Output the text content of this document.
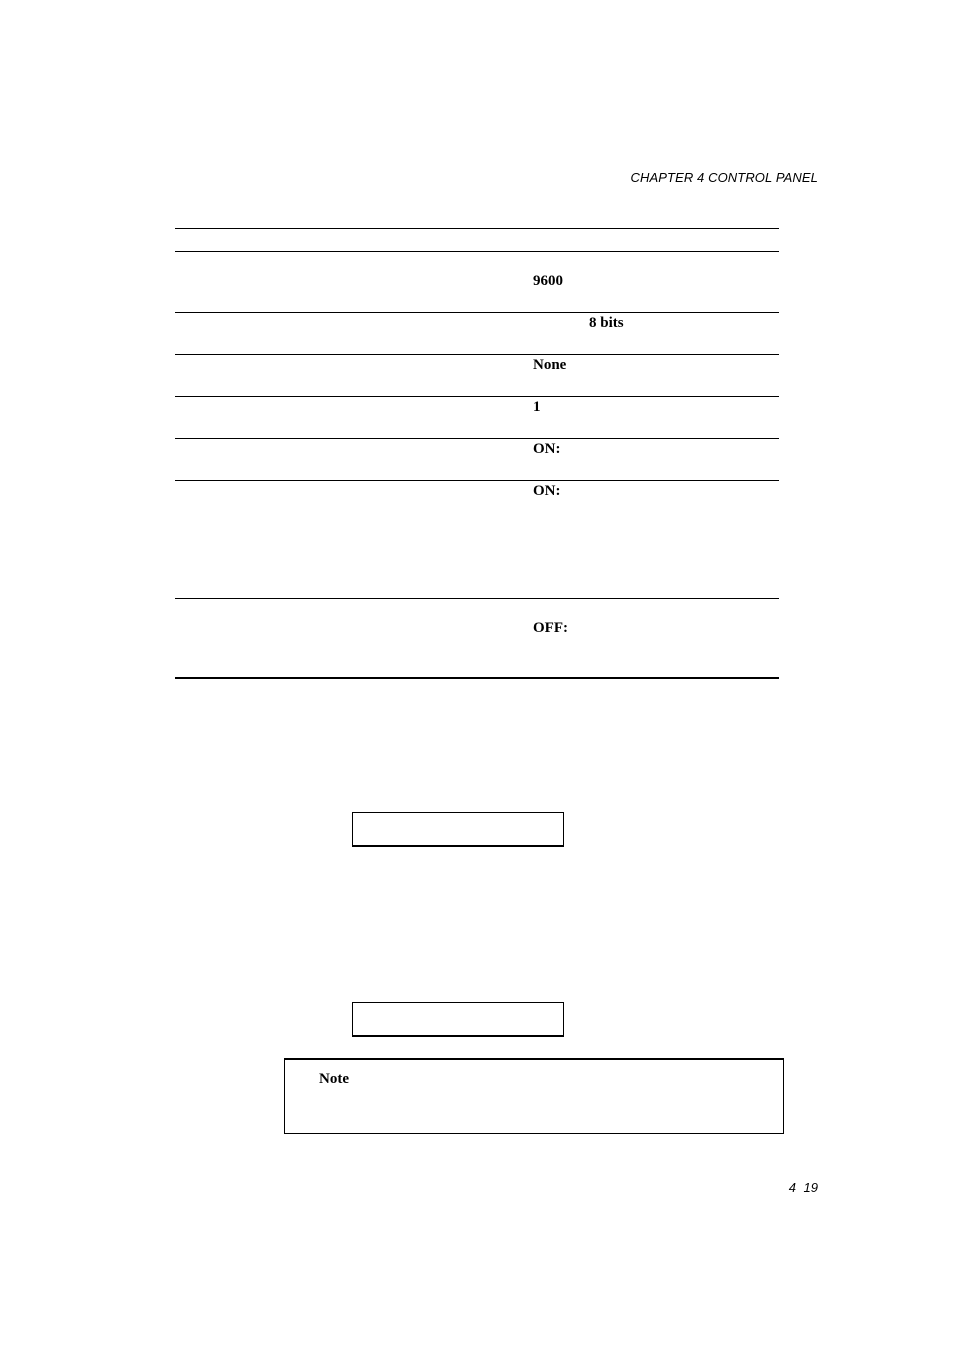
CHAPTER 4 CONTROL PANEL
9600
8 bits
None
1
ON:
ON:
OFF:
Note
4 19
